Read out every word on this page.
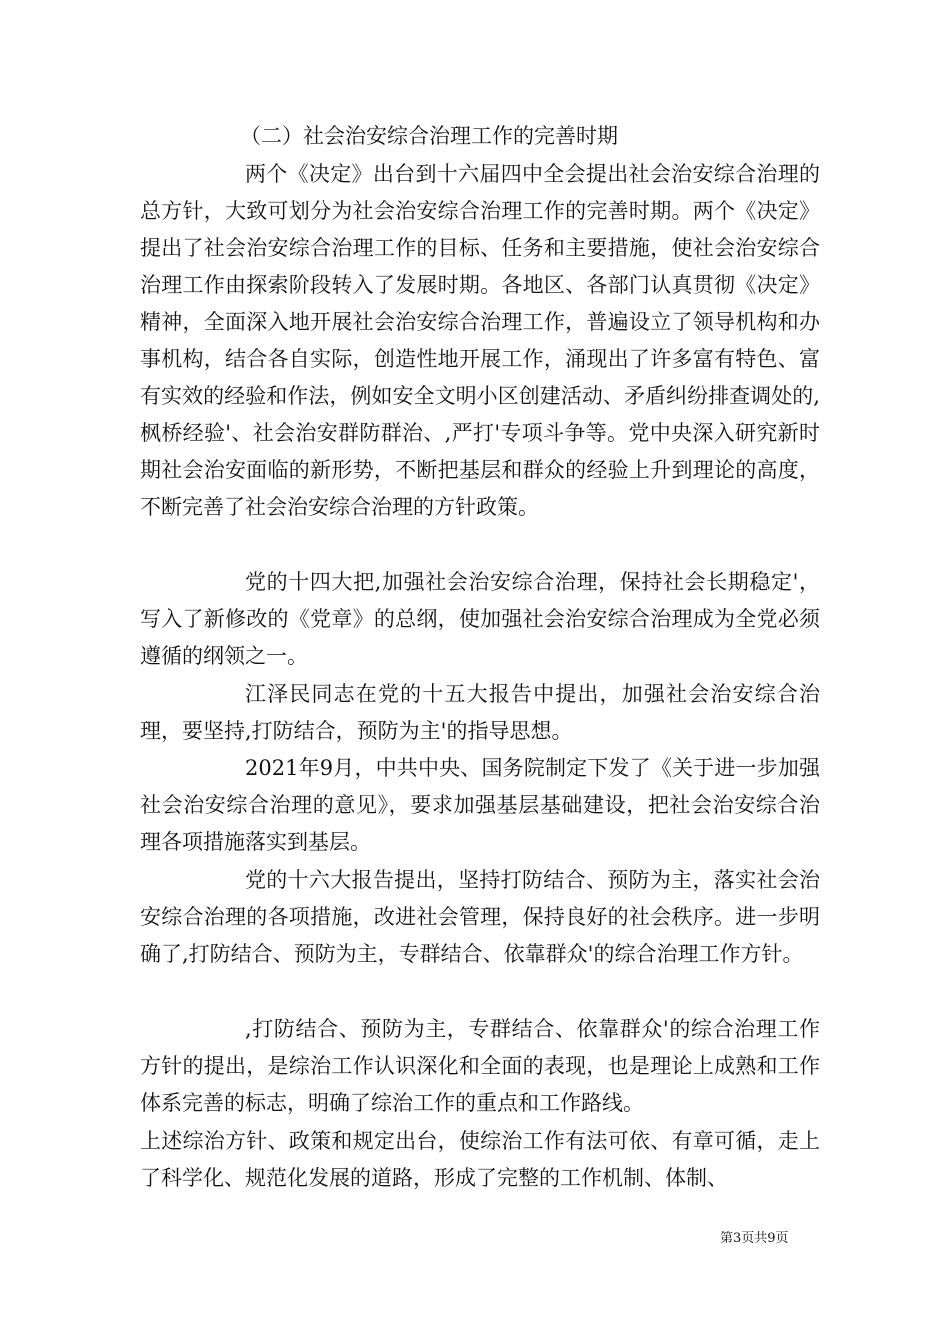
（二）社会治安综合治理工作的完善时期

两个《决定》出台到十六届四中全会提出社会治安综合治理的总方针，大致可划分为社会治安综合治理工作的完善时期。两个《决定》提出了社会治安综合治理工作的目标、任务和主要措施，使社会治安综合治理工作由探索阶段转入了发展时期。各地区、各部门认真贯彻《决定》精神，全面深入地开展社会治安综合治理工作，普遍设立了领导机构和办事机构，结合各自实际，创造性地开展工作，涌现出了许多富有特色、富有实效的经验和作法，例如安全文明小区创建活动、矛盾纠纷排查调处的,枫桥经验'、社会治安群防群治、,严打'专项斗争等。党中央深入研究新时期社会治安面临的新形势，不断把基层和群众的经验上升到理论的高度，不断完善了社会治安综合治理的方针政策。

党的十四大把,加强社会治安综合治理，保持社会长期稳定'，写入了新修改的《党章》的总纲，使加强社会治安综合治理成为全党必须遵循的纲领之一。

江泽民同志在党的十五大报告中提出，加强社会治安综合治理，要坚持,打防结合，预防为主'的指导思想。

2021年9月，中共中央、国务院制定下发了《关于进一步加强社会治安综合治理的意见》，要求加强基层基础建设，把社会治安综合治理各项措施落实到基层。

党的十六大报告提出，坚持打防结合、预防为主，落实社会治安综合治理的各项措施，改进社会管理，保持良好的社会秩序。进一步明确了,打防结合、预防为主，专群结合、依靠群众'的综合治理工作方针。

,打防结合、预防为主，专群结合、依靠群众'的综合治理工作方针的提出，是综治工作认识深化和全面的表现，也是理论上成熟和工作体系完善的标志，明确了综治工作的重点和工作路线。

上述综治方针、政策和规定出台，使综治工作有法可依、有章可循，走上了科学化、规范化发展的道路，形成了完整的工作机制、体制、

第3页共9页
